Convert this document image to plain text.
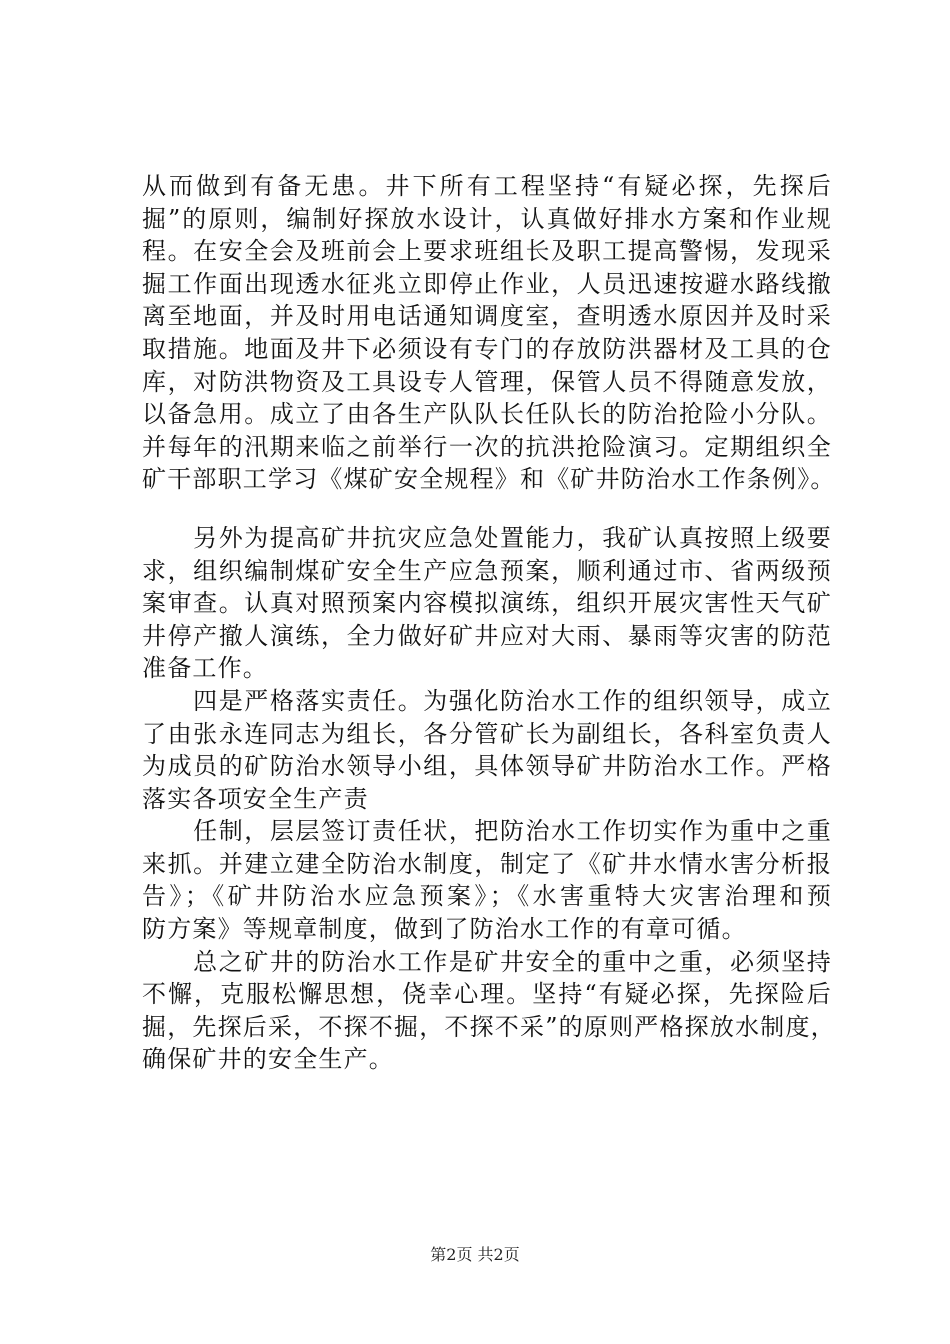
从而做到有备无患。井下所有工程坚持“有疑必探，先探后
掘”的原则，编制好探放水设计，认真做好排水方案和作业规
程。在安全会及班前会上要求班组长及职工提高警惕，发现采
掘工作面出现透水征兆立即停止作业，人员迅速按避水路线撤
离至地面，并及时用电话通知调度室，查明透水原因并及时采
取措施。地面及井下必须设有专门的存放防洪器材及工具的仓
库，对防洪物资及工具设专人管理，保管人员不得随意发放，
以备急用。成立了由各生产队队长任队长的防治抢险小分队。
并每年的汛期来临之前举行一次的抗洪抢险演习。定期组织全
矿干部职工学习《煤矿安全规程》和《矿井防治水工作条例》。
　　另外为提高矿井抗灾应急处置能力，我矿认真按照上级要
求，组织编制煤矿安全生产应急预案，顺利通过市、省两级预
案审查。认真对照预案内容模拟演练，组织开展灾害性天气矿
井停产撤人演练，全力做好矿井应对大雨、暴雨等灾害的防范
准备工作。
　　四是严格落实责任。为强化防治水工作的组织领导，成立
了由张永连同志为组长，各分管矿长为副组长，各科室负责人
为成员的矿防治水领导小组，具体领导矿井防治水工作。严格
落实各项安全生产责
　　任制，层层签订责任状，把防治水工作切实作为重中之重
来抓。并建立建全防治水制度，制定了《矿井水情水害分析报
告》；《矿井防治水应急预案》；《水害重特大灾害治理和预
防方案》等规章制度，做到了防治水工作的有章可循。
　　总之矿井的防治水工作是矿井安全的重中之重，必须坚持
不懈，克服松懈思想，侥幸心理。坚持“有疑必探，先探险后
掘，先探后采，不探不掘，不探不采”的原则严格探放水制度，
确保矿井的安全生产。
第2页 共2页
